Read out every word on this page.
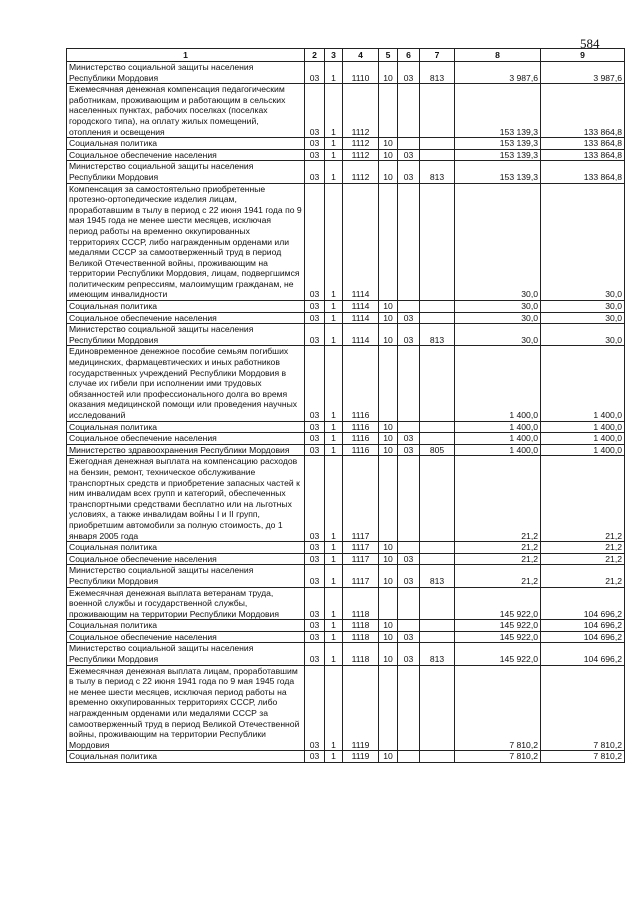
584
1	2	3	4	5	6	7	8	9
Министерство социальной защиты населения Республики Мордовия	03	1	1110	10	03	813	3 987,6	3 987,6
Ежемесячная денежная компенсация педагогическим работникам, проживающим и работающим в сельских населенных пунктах, рабочих поселках (поселках городского типа), на оплату жилых помещений, отопления и освещения	03	1	1112				153 139,3	133 864,8
Социальная политика	03	1	1112	10			153 139,3	133 864,8
Социальное обеспечение населения	03	1	1112	10	03		153 139,3	133 864,8
Министерство социальной защиты населения Республики Мордовия	03	1	1112	10	03	813	153 139,3	133 864,8
Компенсация за самостоятельно приобретенные протезно-ортопедические изделия лицам, проработавшим в тылу в период с 22 июня 1941 года по 9 мая 1945 года не менее шести месяцев, исключая период работы на временно оккупированных территориях СССР, либо награжденным орденами или медалями СССР за самоотверженный труд в период Великой Отечественной войны, проживающим на территории Республики Мордовия, лицам, подвергшимся политическим репрессиям, малоимущим гражданам, не имеющим инвалидности	03	1	1114				30,0	30,0
Социальная политика	03	1	1114	10			30,0	30,0
Социальное обеспечение населения	03	1	1114	10	03		30,0	30,0
Министерство социальной защиты населения Республики Мордовия	03	1	1114	10	03	813	30,0	30,0
Единовременное денежное пособие семьям погибших медицинских, фармацевтических и иных работников государственных учреждений Республики Мордовия в случае их гибели при исполнении ими трудовых обязанностей или профессионального долга во время оказания медицинской помощи или проведения научных исследований	03	1	1116				1 400,0	1 400,0
Социальная политика	03	1	1116	10			1 400,0	1 400,0
Социальное обеспечение населения	03	1	1116	10	03		1 400,0	1 400,0
Министерство здравоохранения Республики Мордовия	03	1	1116	10	03	805	1 400,0	1 400,0
Ежегодная денежная выплата на компенсацию расходов на бензин, ремонт, техническое обслуживание транспортных средств и приобретение запасных частей к ним инвалидам всех групп и категорий, обеспеченных транспортными средствами бесплатно или на льготных условиях, а также инвалидам войны I и II групп, приобретшим автомобили за полную стоимость, до 1 января 2005 года	03	1	1117				21,2	21,2
Социальная политика	03	1	1117	10			21,2	21,2
Социальное обеспечение населения	03	1	1117	10	03		21,2	21,2
Министерство социальной защиты населения Республики Мордовия	03	1	1117	10	03	813	21,2	21,2
Ежемесячная денежная выплата ветеранам труда, военной службы и государственной службы, проживающим на территории Республики Мордовия	03	1	1118				145 922,0	104 696,2
Социальная политика	03	1	1118	10			145 922,0	104 696,2
Социальное обеспечение населения	03	1	1118	10	03		145 922,0	104 696,2
Министерство социальной защиты населения Республики Мордовия	03	1	1118	10	03	813	145 922,0	104 696,2
Ежемесячная денежная выплата лицам, проработавшим в тылу в период с 22 июня 1941 года по 9 мая 1945 года не менее шести месяцев, исключая период работы на временно оккупированных территориях СССР, либо награжденным орденами или медалями СССР за самоотверженный труд в период Великой Отечественной войны, проживающим на территории Республики Мордовия	03	1	1119				7 810,2	7 810,2
Социальная политика	03	1	1119	10			7 810,2	7 810,2
